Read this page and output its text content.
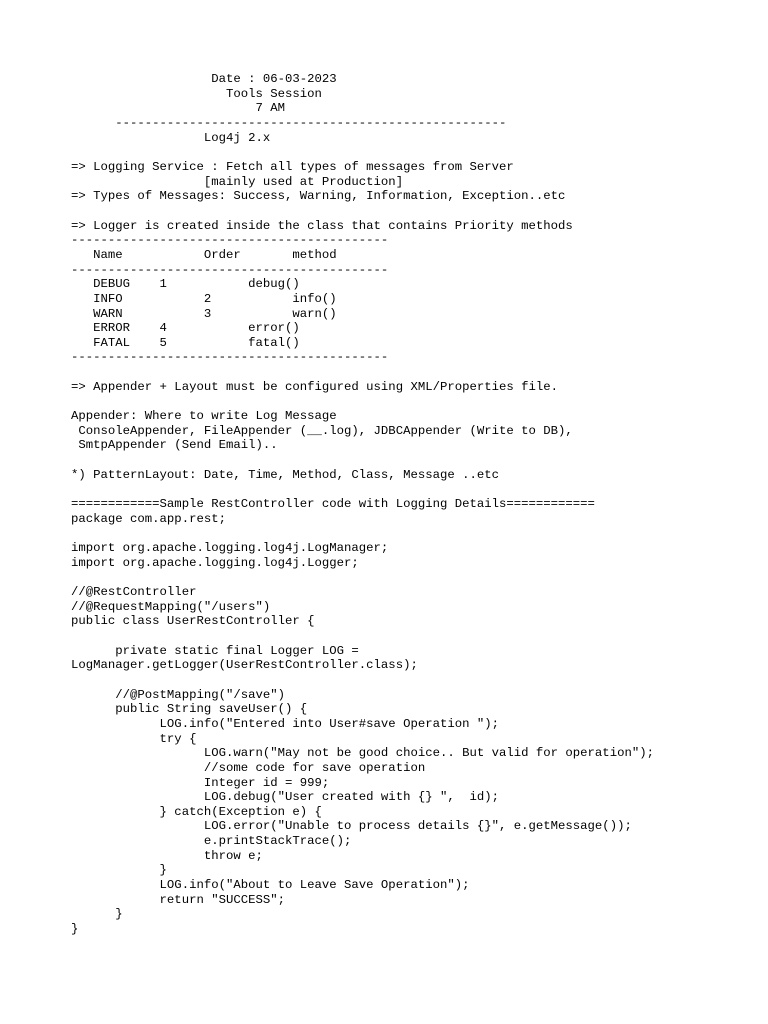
Date : 06-03-2023
Tools Session
7 AM
-----------------------------------------------------
Log4j 2.x

=> Logging Service : Fetch all types of messages from Server
[mainly used at Production]
=> Types of Messages: Success, Warning, Information, Exception..etc

=> Logger is created inside the class that contains Priority methods
-------------------------------------------
Name           Order       method
-------------------------------------------
DEBUG    1           debug()
INFO           2           info()
WARN           3           warn()
ERROR    4           error()
FATAL    5           fatal()
-------------------------------------------

=> Appender + Layout must be configured using XML/Properties file.

Appender: Where to write Log Message
ConsoleAppender, FileAppender (__.log), JDBCAppender (Write to DB),
SmtpAppender (Send Email)..

*) PatternLayout: Date, Time, Method, Class, Message ..etc

============Sample RestController code with Logging Details============
package com.app.rest;

import org.apache.logging.log4j.LogManager;
import org.apache.logging.log4j.Logger;

//@RestController
//@RequestMapping("/users")
public class UserRestController {

private static final Logger LOG =
LogManager.getLogger(UserRestController.class);

//@PostMapping("/save")
public String saveUser() {
LOG.info("Entered into User#save Operation ");
try {
LOG.warn("May not be good choice.. But valid for operation");
//some code for save operation
Integer id = 999;
LOG.debug("User created with {} ",  id);
} catch(Exception e) {
LOG.error("Unable to process details {}", e.getMessage());
e.printStackTrace();
throw e;
}
LOG.info("About to Leave Save Operation");
return "SUCCESS";
}
}
